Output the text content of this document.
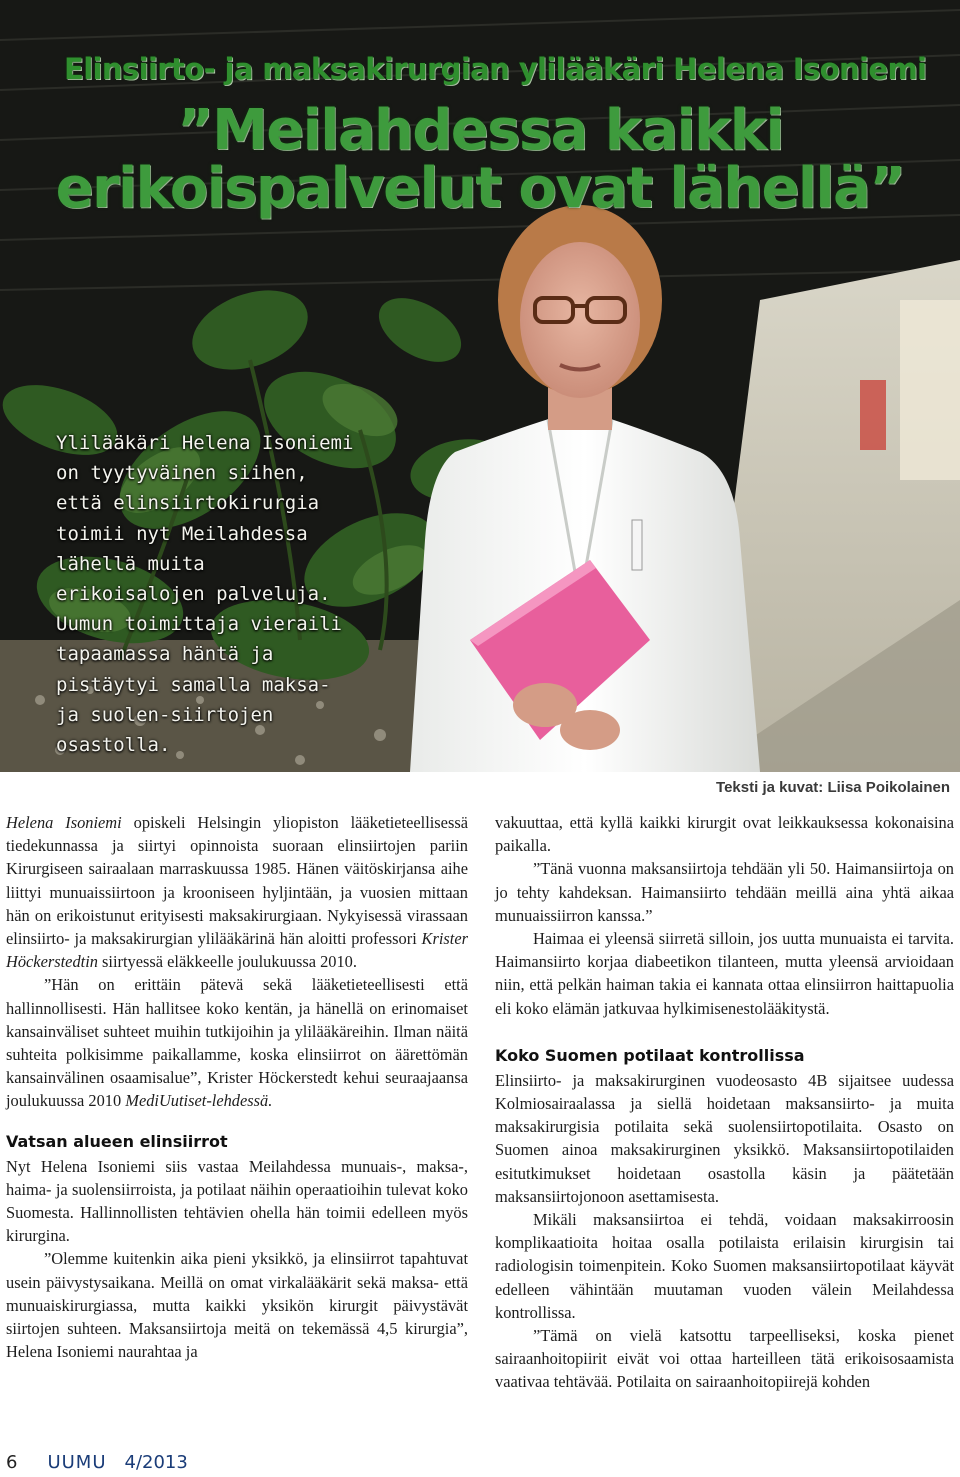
Elinsiirto- ja maksakirurgian ylilääkäri Helena Isoniemi
”Meilahdessa kaikki
erikoispalvelut ovat lähellä”

Ylilääkäri Helena Isoniemi on tyytyväinen siihen, että elinsiirtokirurgia toimii nyt Meilahdessa lähellä muita erikoisalojen palveluja. Uumun toimittaja vieraili tapaamassa häntä ja pistäytyi samalla maksa- ja suolen-siirtojen osastolla.

Teksti ja kuvat: Liisa Poikolainen

Helena Isoniemi opiskeli Helsingin yliopiston lääketieteellisessä tiedekunnassa ja siirtyi opinnoista suoraan elinsiirtojen pariin Kirurgiseen sairaalaan marraskuussa 1985. Hänen väitöskirjansa aihe liittyi munuaissiirtoon ja krooniseen hyljintään, ja vuosien mittaan hän on erikoistunut erityisesti maksakirurgiaan. Nykyisessä virassaan elinsiirto- ja maksakirurgian ylilääkärinä hän aloitti professori Krister Höckerstedtin siirtyessä eläkkeelle joulukuussa 2010.

”Hän on erittäin pätevä sekä lääketieteellisesti että hallinnollisesti. Hän hallitsee koko kentän, ja hänellä on erinomaiset kansainväliset suhteet muihin tutkijoihin ja ylilääkäreihin. Ilman näitä suhteita polkisimme paikallamme, koska elinsiirrot on äärettömän kansainvälinen osaamisalue”, Krister Höckerstedt kehui seuraajaansa joulukuussa 2010 MediUutiset-lehdessä.

Vatsan alueen elinsiirrot

Nyt Helena Isoniemi siis vastaa Meilahdessa munuais-, maksa-, haima- ja suolensiirroista, ja potilaat näihin operaatioihin tulevat koko Suomesta. Hallinnollisten tehtävien ohella hän toimii edelleen myös kirurgina.

”Olemme kuitenkin aika pieni yksikkö, ja elinsiirrot tapahtuvat usein päivystysaikana. Meillä on omat virkalääkärit sekä maksa- että munuaiskirurgiassa, mutta kaikki yksikön kirurgit päivystävät siirtojen suhteen. Maksansiirtoja meitä on tekemässä 4,5 kirurgia”, Helena Isoniemi naurahtaa ja

vakuuttaa, että kyllä kaikki kirurgit ovat leikkauksessa kokonaisina paikalla.

”Tänä vuonna maksansiirtoja tehdään yli 50. Haimansiirtoja on jo tehty kahdeksan. Haimansiirto tehdään meillä aina yhtä aikaa munuaissiirron kanssa.”

Haimaa ei yleensä siirretä silloin, jos uutta munuaista ei tarvita. Haimansiirto korjaa diabeetikon tilanteen, mutta yleensä arvioidaan niin, että pelkän haiman takia ei kannata ottaa elinsiirron haittapuolia eli koko elämän jatkuvaa hylkimisenestolääkitystä.

Koko Suomen potilaat kontrollissa

Elinsiirto- ja maksakirurginen vuodeosasto 4B sijaitsee uudessa Kolmiosairaalassa ja siellä hoidetaan maksansiirto- ja muita maksakirurgisia potilaita sekä suolensiirtopotilaita. Osasto on Suomen ainoa maksakirurginen yksikkö. Maksansiirtopotilaiden esitutkimukset hoidetaan osastolla käsin ja päätetään maksansiirtojonoon asettamisesta.

Mikäli maksansiirtoa ei tehdä, voidaan maksakirroosin komplikaatioita hoitaa osalla potilaista erilaisin kirurgisin tai radiologisin toimenpitein. Koko Suomen maksansiirtopotilaat käyvät edelleen vähintään muutaman vuoden välein Meilahdessa kontrollissa.

”Tämä on vielä katsottu tarpeelliseksi, koska pienet sairaanhoitopiirit eivät voi ottaa harteilleen tätä erikoisosaamista vaativaa tehtävää. Potilaita on sairaanhoitopiirejä kohden

6 UUMU 4/2013
